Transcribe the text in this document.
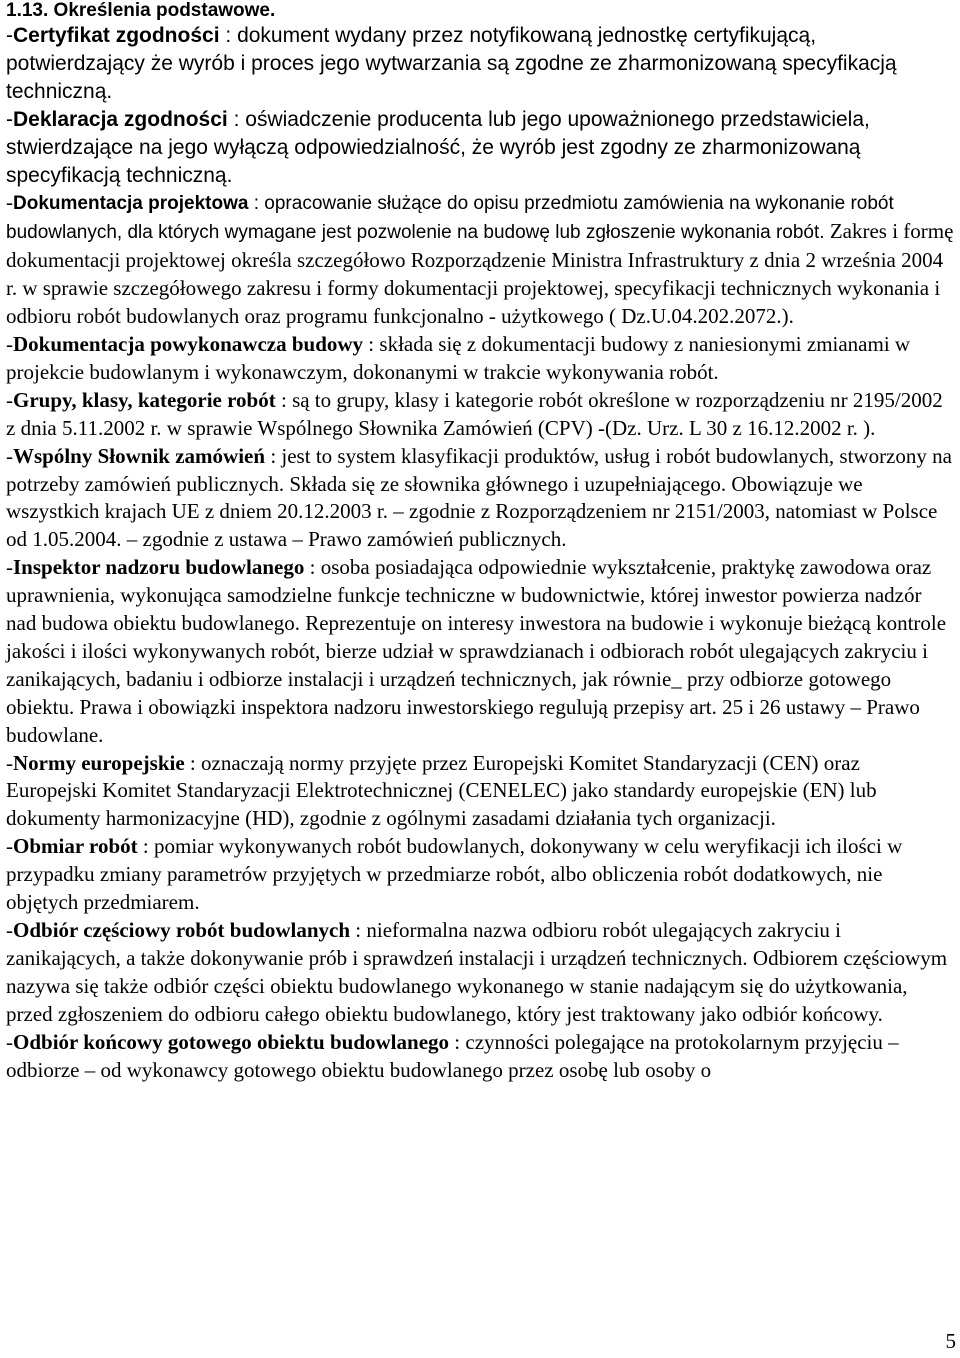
1.13. Określenia podstawowe.

-Certyfikat zgodności : dokument wydany przez notyfikowaną jednostkę certyfikującą, potwierdzający że wyrób i proces jego wytwarzania są zgodne ze zharmonizowaną specyfikacją techniczną.

-Deklaracja zgodności : oświadczenie producenta lub jego upoważnionego przedstawiciela, stwierdzające na jego wyłączą odpowiedzialność, że wyrób jest zgodny ze zharmonizowaną specyfikacją techniczną.

-Dokumentacja projektowa : opracowanie służące do opisu przedmiotu zamówienia na wykonanie robót budowlanych, dla których wymagane jest pozwolenie na budowę lub zgłoszenie wykonania robót. Zakres i formę dokumentacji projektowej określa szczegółowo Rozporządzenie Ministra Infrastruktury z dnia 2 września 2004 r. w sprawie szczegółowego zakresu i formy dokumentacji projektowej, specyfikacji technicznych wykonania i odbioru robót budowlanych oraz programu funkcjonalno - użytkowego ( Dz.U.04.202.2072.).

-Dokumentacja powykonawcza budowy : składa się z dokumentacji budowy z naniesionymi zmianami w projekcie budowlanym i wykonawczym, dokonanymi w trakcie wykonywania robót.

-Grupy, klasy, kategorie robót : są to grupy, klasy i kategorie robót określone w rozporządzeniu nr 2195/2002 z dnia 5.11.2002 r. w sprawie Wspólnego Słownika Zamówień (CPV) -(Dz. Urz. L 30 z 16.12.2002 r. ).

-Wspólny Słownik zamówień : jest to system klasyfikacji produktów, usług i robót budowlanych, stworzony na potrzeby zamówień publicznych. Składa się ze słownika głównego i uzupełniającego. Obowiązuje we wszystkich krajach UE z dniem 20.12.2003 r. – zgodnie z Rozporządzeniem nr 2151/2003, natomiast w Polsce od 1.05.2004. – zgodnie z ustawa – Prawo zamówień publicznych.

-Inspektor nadzoru budowlanego : osoba posiadająca odpowiednie wykształcenie, praktykę zawodowa oraz uprawnienia, wykonująca samodzielne funkcje techniczne w budownictwie, której inwestor powierza nadzór nad budowa obiektu budowlanego. Reprezentuje on interesy inwestora na budowie i wykonuje bieżącą kontrole jakości i ilości wykonywanych robót, bierze udział w sprawdzianach i odbiorach robót ulegających zakryciu i zanikających, badaniu i odbiorze instalacji i urządzeń technicznych, jak równie_ przy odbiorze gotowego obiektu. Prawa i obowiązki inspektora nadzoru inwestorskiego regulują przepisy art. 25 i 26 ustawy – Prawo budowlane.

-Normy europejskie : oznaczają normy przyjęte przez Europejski Komitet Standaryzacji (CEN) oraz Europejski Komitet Standaryzacji Elektrotechnicznej (CENELEC) jako standardy europejskie (EN) lub dokumenty harmonizacyjne (HD), zgodnie z ogólnymi zasadami działania tych organizacji.

-Obmiar robót : pomiar wykonywanych robót budowlanych, dokonywany w celu weryfikacji ich ilości w przypadku zmiany parametrów przyjętych w przedmiarze robót, albo obliczenia robót dodatkowych, nie objętych przedmiarem.

-Odbiór częściowy robót budowlanych : nieformalna nazwa odbioru robót ulegających zakryciu i zanikających, a także dokonywanie prób i sprawdzeń instalacji i urządzeń technicznych. Odbiorem częściowym nazywa się także odbiór części obiektu budowlanego wykonanego w stanie nadającym się do użytkowania, przed zgłoszeniem do odbioru całego obiektu budowlanego, który jest traktowany jako odbiór końcowy.

-Odbiór końcowy gotowego obiektu budowlanego : czynności polegające na protokolarnym przyjęciu – odbiorze – od wykonawcy gotowego obiektu budowlanego przez osobę lub osoby o

5
